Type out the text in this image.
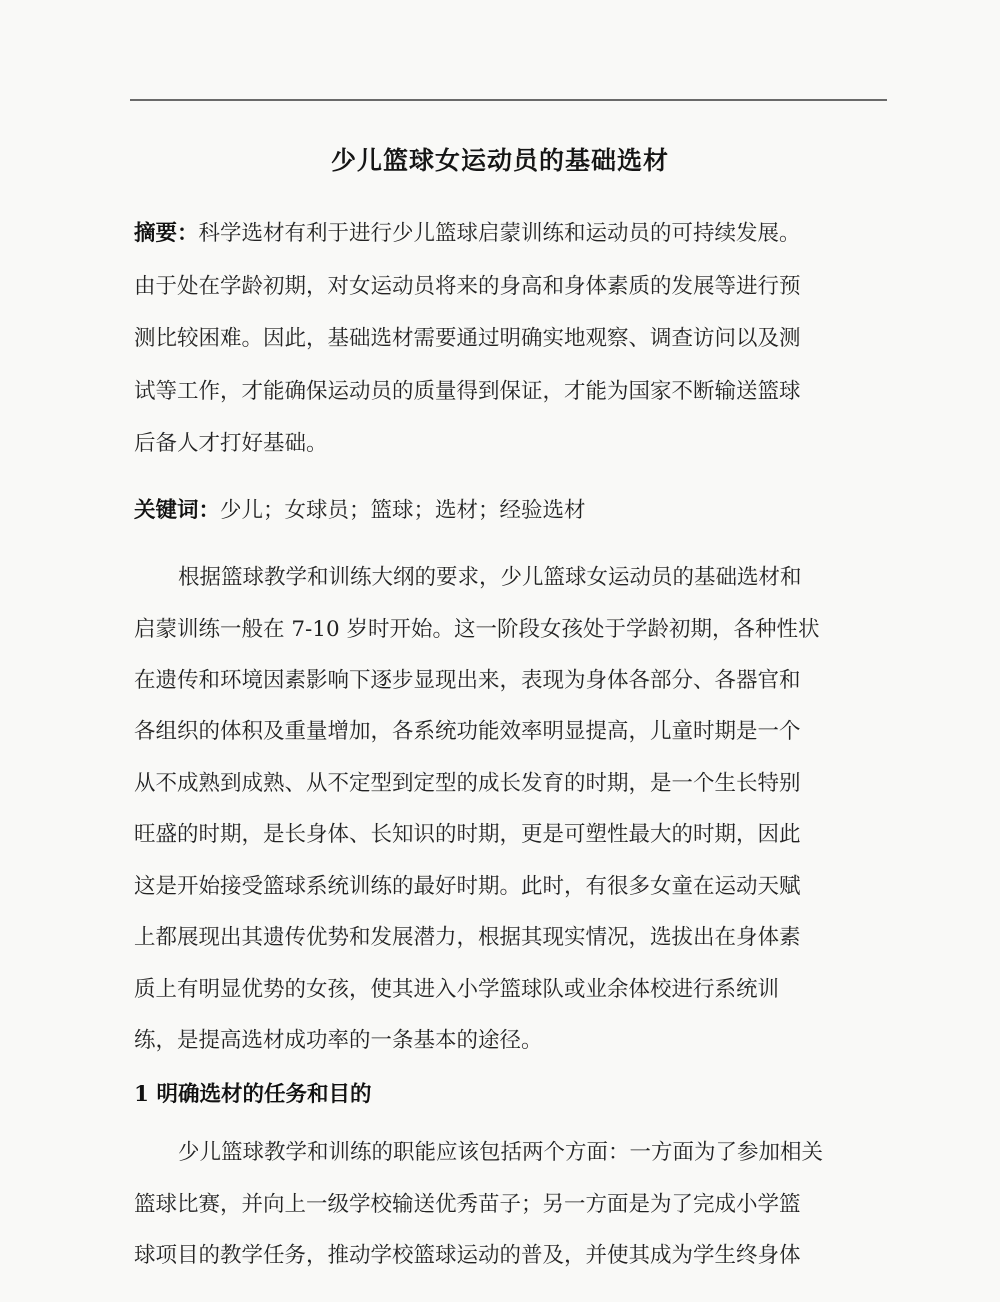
少儿篮球女运动员的基础选材
摘要：科学选材有利于进行少儿篮球启蒙训练和运动员的可持续发展。
由于处在学龄初期，对女运动员将来的身高和身体素质的发展等进行预
测比较困难。因此，基础选材需要通过明确实地观察、调查访问以及测
试等工作，才能确保运动员的质量得到保证，才能为国家不断输送篮球
后备人才打好基础。
关键词：少儿；女球员；篮球；选材；经验选材
根据篮球教学和训练大纲的要求，少儿篮球女运动员的基础选材和
启蒙训练一般在 7-10 岁时开始。这一阶段女孩处于学龄初期，各种性状
在遗传和环境因素影响下逐步显现出来，表现为身体各部分、各器官和
各组织的体积及重量增加，各系统功能效率明显提高，儿童时期是一个
从不成熟到成熟、从不定型到定型的成长发育的时期，是一个生长特别
旺盛的时期，是长身体、长知识的时期，更是可塑性最大的时期，因此
这是开始接受篮球系统训练的最好时期。此时，有很多女童在运动天赋
上都展现出其遗传优势和发展潜力，根据其现实情况，选拔出在身体素
质上有明显优势的女孩，使其进入小学篮球队或业余体校进行系统训
练，是提高选材成功率的一条基本的途径。
1 明确选材的任务和目的
少儿篮球教学和训练的职能应该包括两个方面：一方面为了参加相关
篮球比赛，并向上一级学校输送优秀苗子；另一方面是为了完成小学篮
球项目的教学任务，推动学校篮球运动的普及，并使其成为学生终身体
